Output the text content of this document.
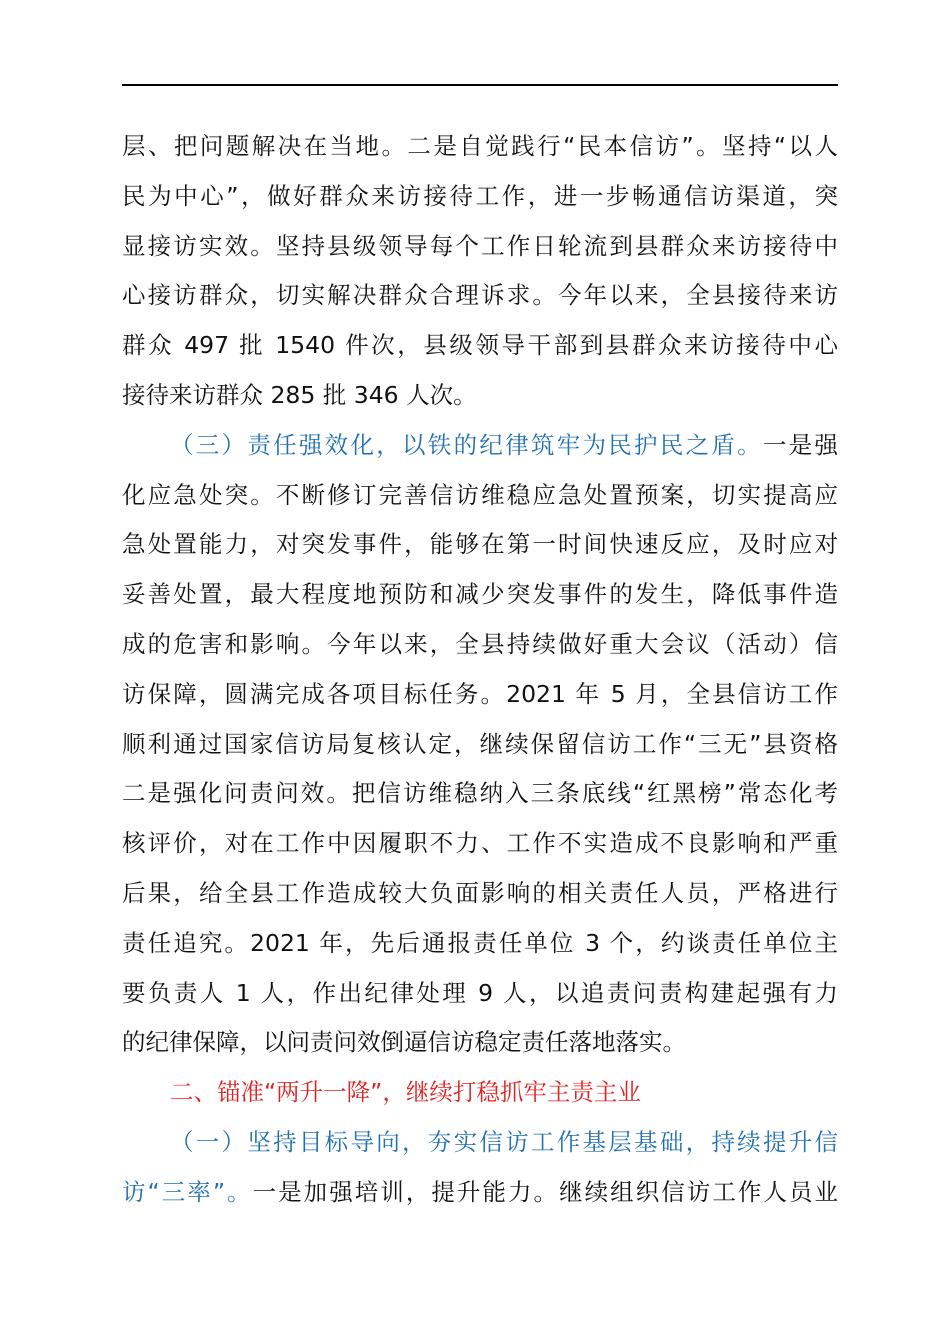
层、把问题解决在当地。二是自觉践行“民本信访”。坚持“以人
民为中心”，做好群众来访接待工作，进一步畅通信访渠道，突
显接访实效。坚持县级领导每个工作日轮流到县群众来访接待中
心接访群众，切实解决群众合理诉求。今年以来，全县接待来访
群众 497 批 1540 件次，县级领导干部到县群众来访接待中心
接待来访群众 285 批 346 人次。
（三）责任强效化，以铁的纪律筑牢为民护民之盾。一是强
化应急处突。不断修订完善信访维稳应急处置预案，切实提高应
急处置能力，对突发事件，能够在第一时间快速反应，及时应对
妥善处置，最大程度地预防和减少突发事件的发生，降低事件造
成的危害和影响。今年以来，全县持续做好重大会议（活动）信
访保障，圆满完成各项目标任务。2021 年 5 月，全县信访工作
顺利通过国家信访局复核认定，继续保留信访工作“三无”县资格
二是强化问责问效。把信访维稳纳入三条底线“红黑榜”常态化考
核评价，对在工作中因履职不力、工作不实造成不良影响和严重
后果，给全县工作造成较大负面影响的相关责任人员，严格进行
责任追究。2021 年，先后通报责任单位 3 个，约谈责任单位主
要负责人 1 人，作出纪律处理 9 人，以追责问责构建起强有力
的纪律保障，以问责问效倒逼信访稳定责任落地落实。
二、锚准“两升一降”，继续打稳抓牢主责主业
（一）坚持目标导向，夯实信访工作基层基础，持续提升信
访“三率”。一是加强培训，提升能力。继续组织信访工作人员业
